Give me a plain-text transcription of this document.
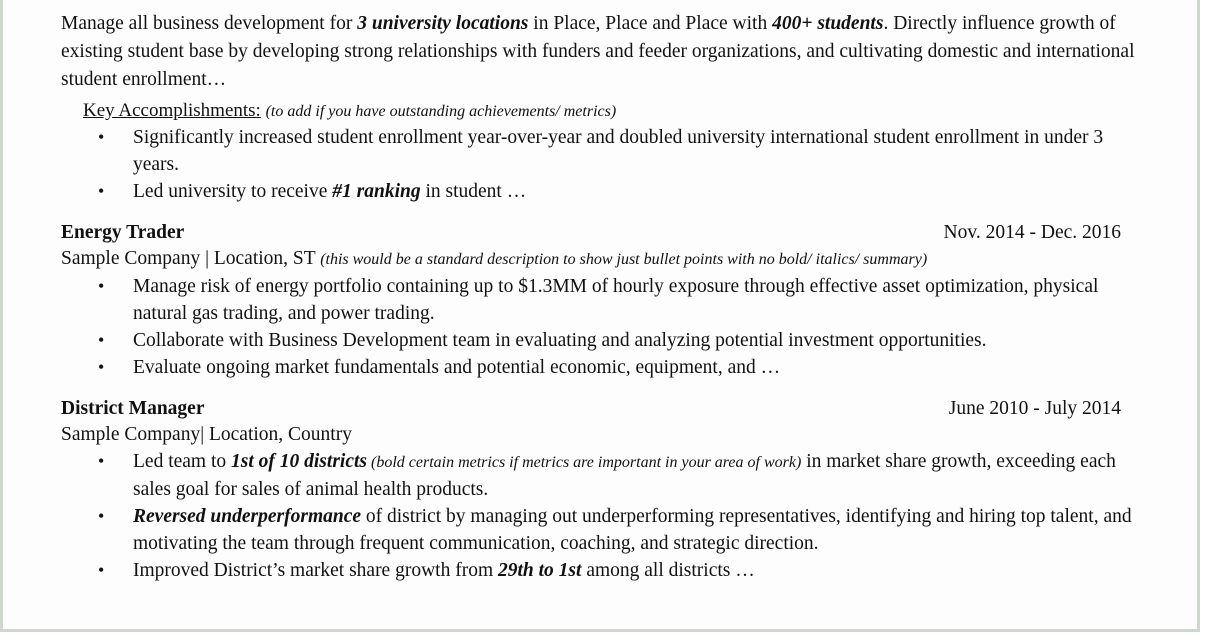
Manage all business development for 3 university locations in Place, Place and Place with 400+ students. Directly influence growth of existing student base by developing strong relationships with funders and feeder organizations, and cultivating domestic and international student enrollment…

Key Accomplishments: (to add if you have outstanding achievements/ metrics)
• Significantly increased student enrollment year-over-year and doubled university international student enrollment in under 3 years.
• Led university to receive #1 ranking in student …
Energy Trader	Nov. 2014 - Dec. 2016
Sample Company | Location, ST (this would be a standard description to show just bullet points with no bold/ italics/ summary)
• Manage risk of energy portfolio containing up to $1.3MM of hourly exposure through effective asset optimization, physical natural gas trading, and power trading.
• Collaborate with Business Development team in evaluating and analyzing potential investment opportunities.
• Evaluate ongoing market fundamentals and potential economic, equipment, and …
District Manager	June 2010 - July 2014
Sample Company| Location, Country
• Led team to 1st of 10 districts (bold certain metrics if metrics are important in your area of work) in market share growth, exceeding each sales goal for sales of animal health products.
• Reversed underperformance of district by managing out underperforming representatives, identifying and hiring top talent, and motivating the team through frequent communication, coaching, and strategic direction.
• Improved District’s market share growth from 29th to 1st among all districts …
